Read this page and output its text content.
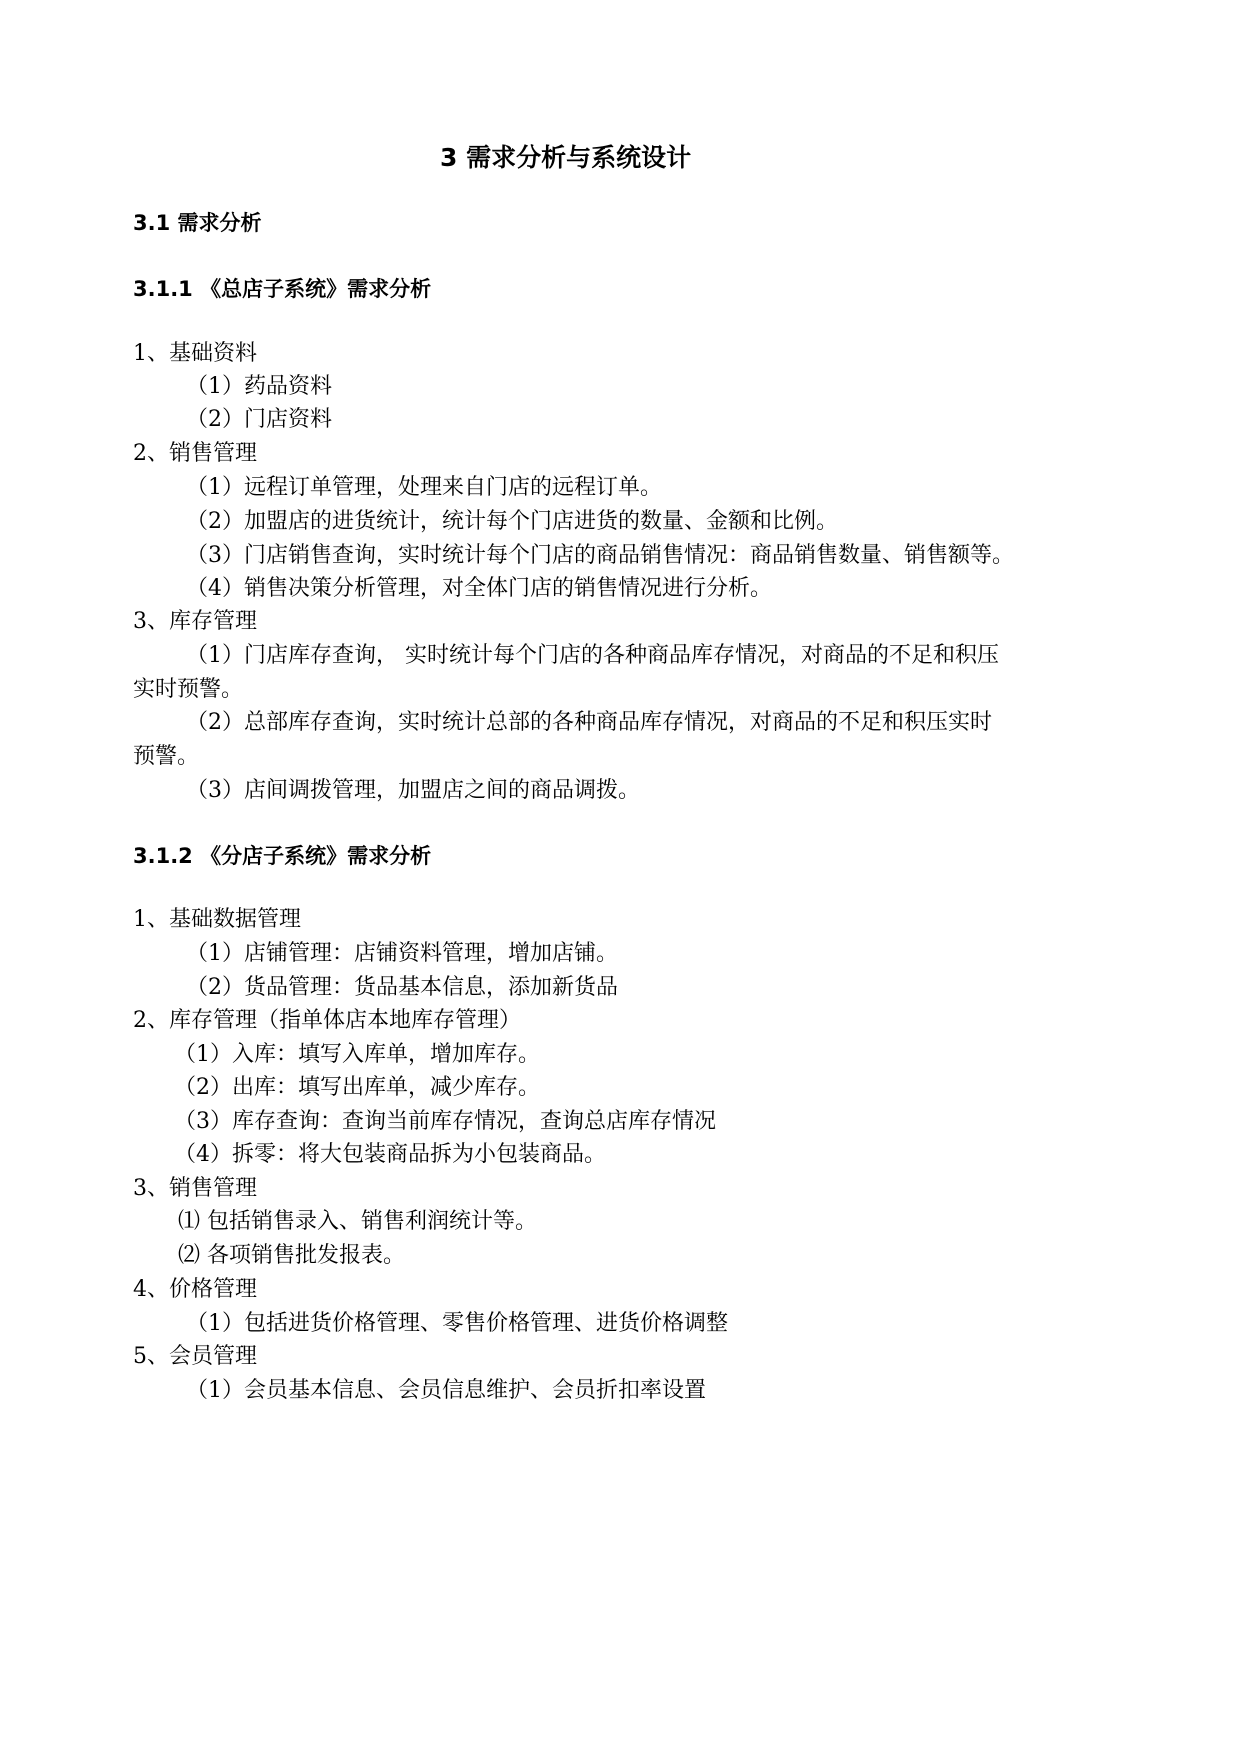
3 需求分析与系统设计
3.1 需求分析
3.1.1 《总店子系统》需求分析
1、基础资料
（1）药品资料
（2）门店资料
2、销售管理
（1）远程订单管理，处理来自门店的远程订单。
（2）加盟店的进货统计，统计每个门店进货的数量、金额和比例。
（3）门店销售查询，实时统计每个门店的商品销售情况：商品销售数量、销售额等。
（4）销售决策分析管理，对全体门店的销售情况进行分析。
3、库存管理
（1）门店库存查询， 实时统计每个门店的各种商品库存情况，对商品的不足和积压
实时预警。
（2）总部库存查询，实时统计总部的各种商品库存情况，对商品的不足和积压实时
预警。
（3）店间调拨管理，加盟店之间的商品调拨。
3.1.2 《分店子系统》需求分析
1、基础数据管理
（1）店铺管理：店铺资料管理，增加店铺。
（2）货品管理：货品基本信息，添加新货品
2、库存管理（指单体店本地库存管理）
（1）入库：填写入库单，增加库存。
（2）出库：填写出库单，减少库存。
（3）库存查询：查询当前库存情况，查询总店库存情况
（4）拆零：将大包装商品拆为小包装商品。
3、销售管理
⑴ 包括销售录入、销售利润统计等。
⑵ 各项销售批发报表。
4、价格管理
（1）包括进货价格管理、零售价格管理、进货价格调整
5、会员管理
（1）会员基本信息、会员信息维护、会员折扣率设置
